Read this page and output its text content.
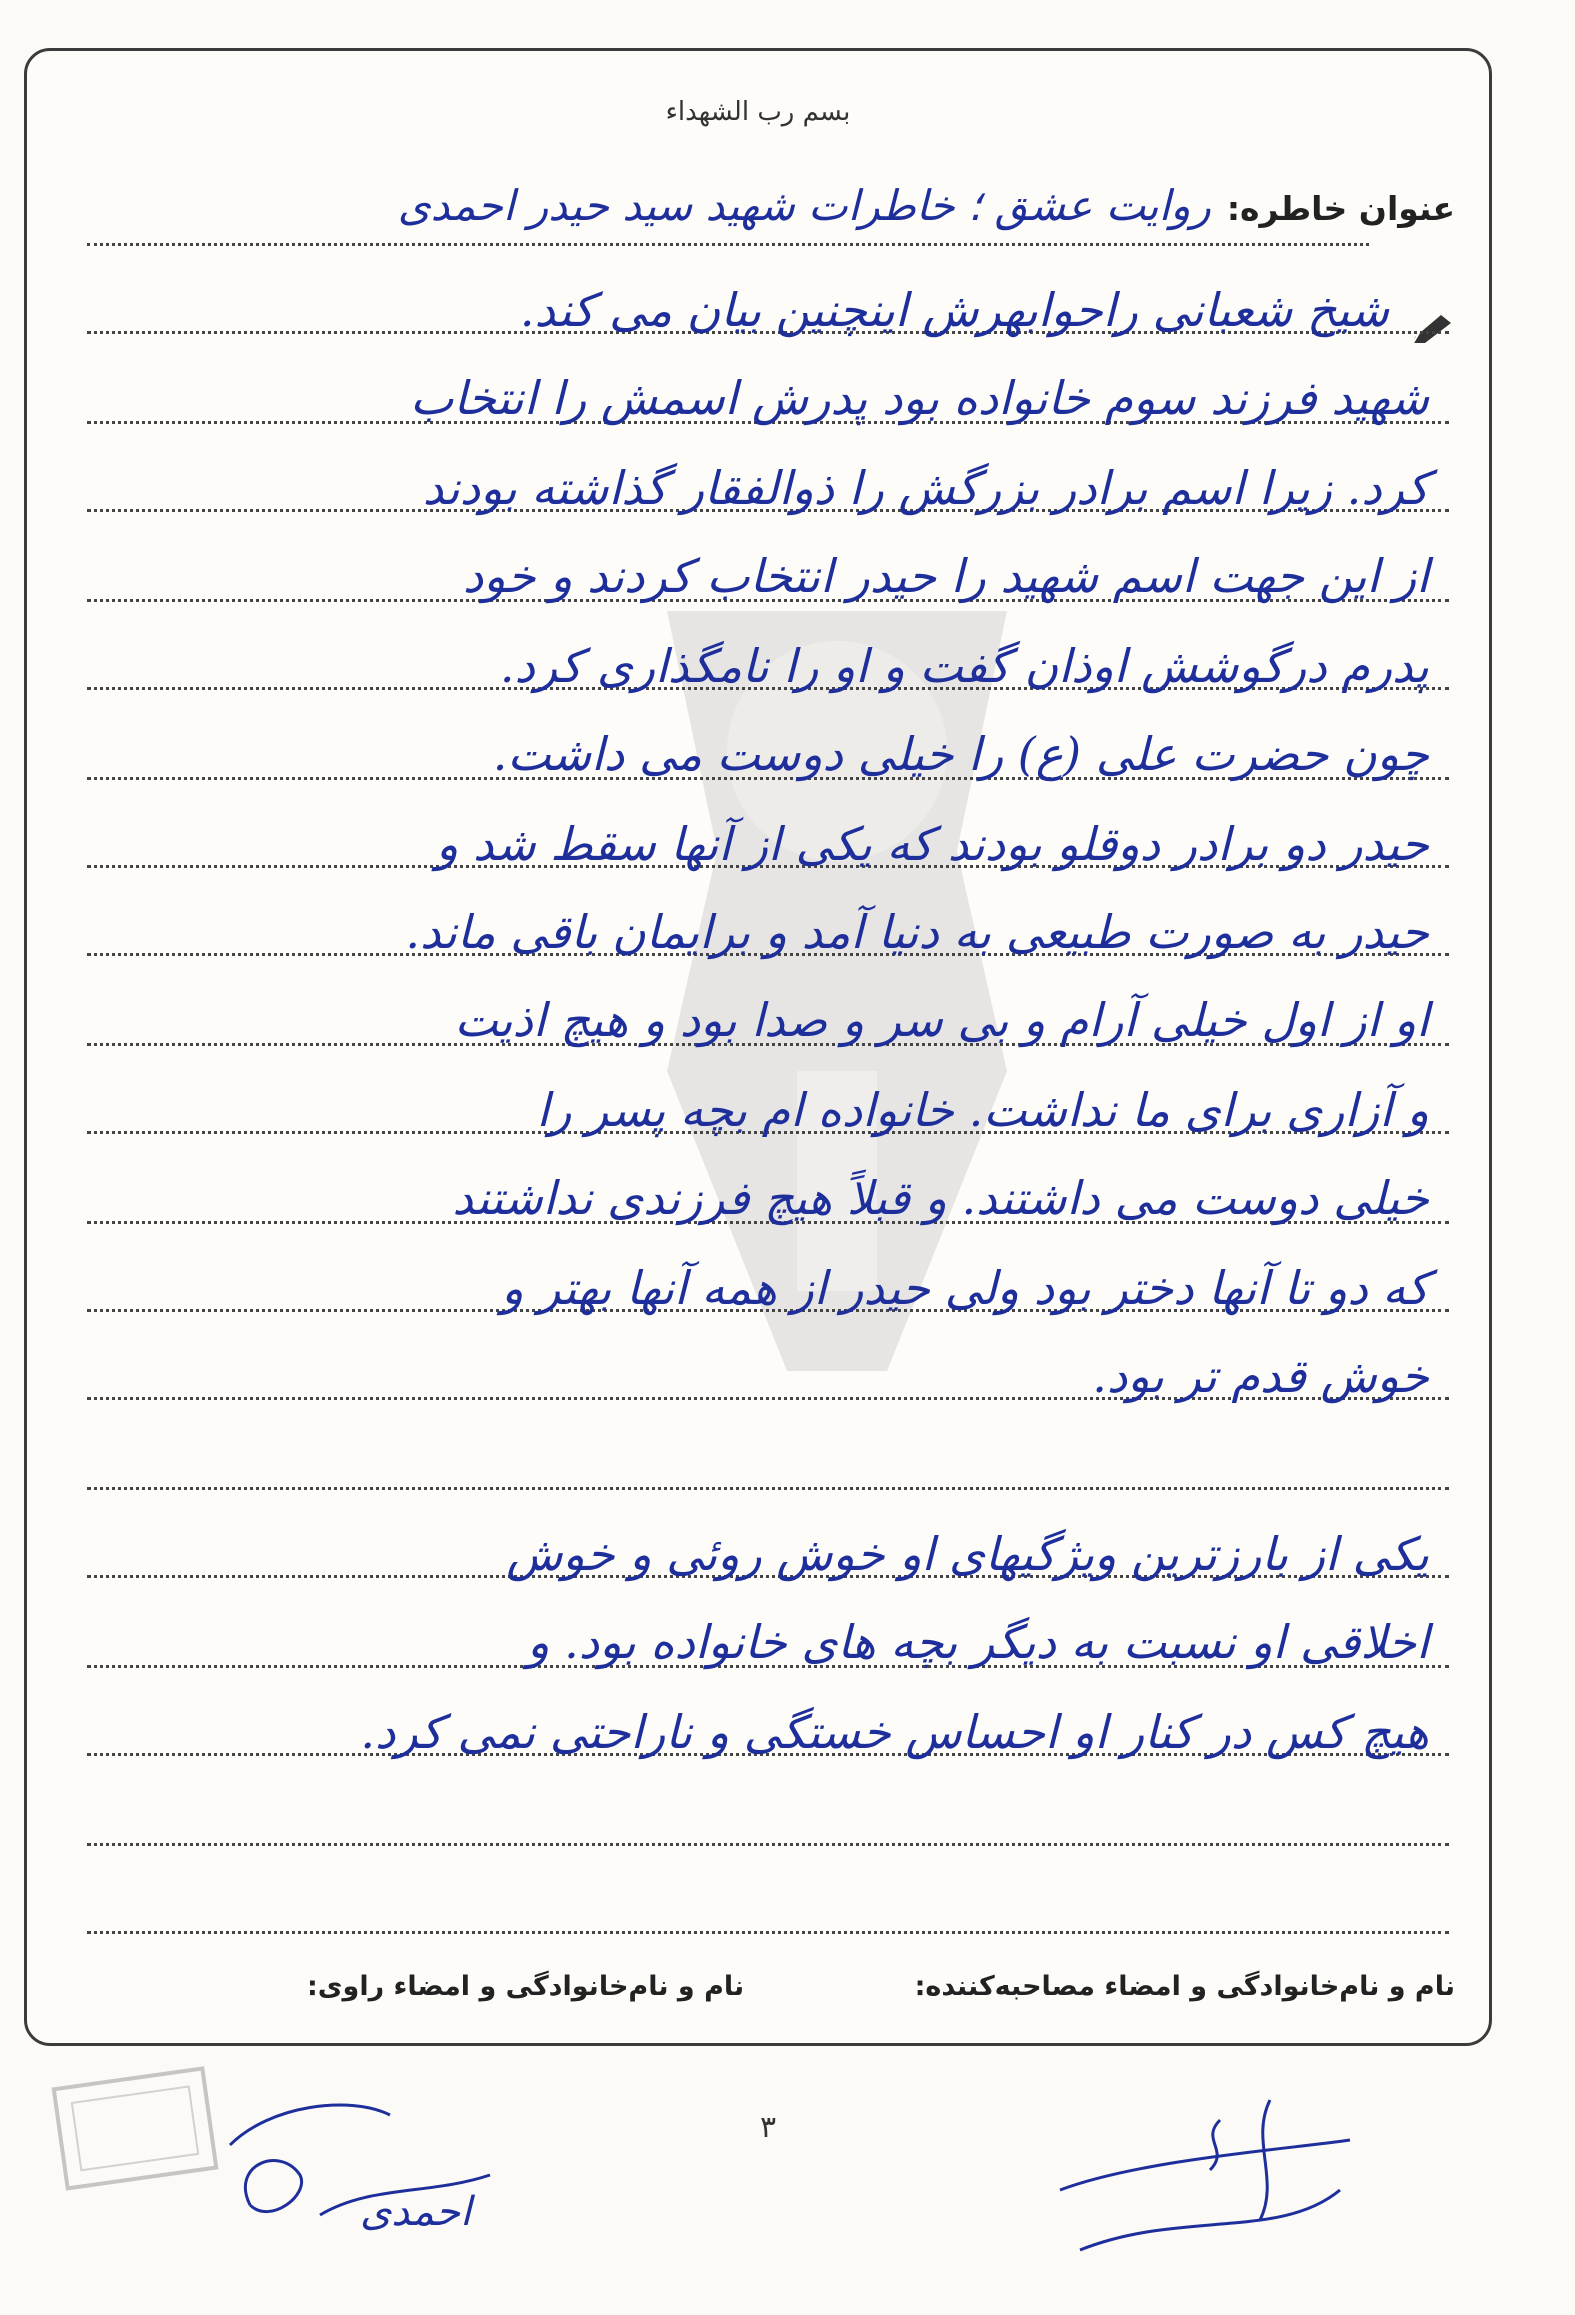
بسم رب الشهداء
عنوان خاطره:
روایت عشق ؛ خاطرات شهید سید حیدر احمدی
شیخ شعبانی راحوابهرش اینچنین بیان می کند.
شهید فرزند سوم خانواده بود پدرش اسمش را انتخاب
کرد. زیرا اسم برادر بزرگش را ذوالفقار گذاشته بودند
از این جهت اسم شهید را حیدر انتخاب کردند و خود
پدرم درگوشش اوذان گفت و او را نامگذاری کرد.
چون حضرت علی (ع) را خیلی دوست می داشت.
حیدر دو برادر دوقلو بودند که یکی از آنها سقط شد و
حیدر به صورت طبیعی به دنیا آمد و برایمان باقی ماند.
او از اول خیلی آرام و بی سر و صدا بود و هیچ اذیت
و آزاری برای ما نداشت. خانواده ام بچه پسر را
خیلی دوست می داشتند. و قبلاً هیچ فرزندی نداشتند
که دو تا آنها دختر بود ولی حیدر از همه آنها بهتر و
خوش قدم تر بود.
یکی از بارزترین ویژگیهای او خوش روئی و خوش
اخلاقی او نسبت به دیگر بچه های خانواده بود. و
هیچ کس در کنار او احساس خستگی و ناراحتی نمی کرد.
نام و نام‌خانوادگی و امضاء مصاحبه‌کننده:
نام و نام‌خانوادگی و امضاء راوی:
۳
احمدی
